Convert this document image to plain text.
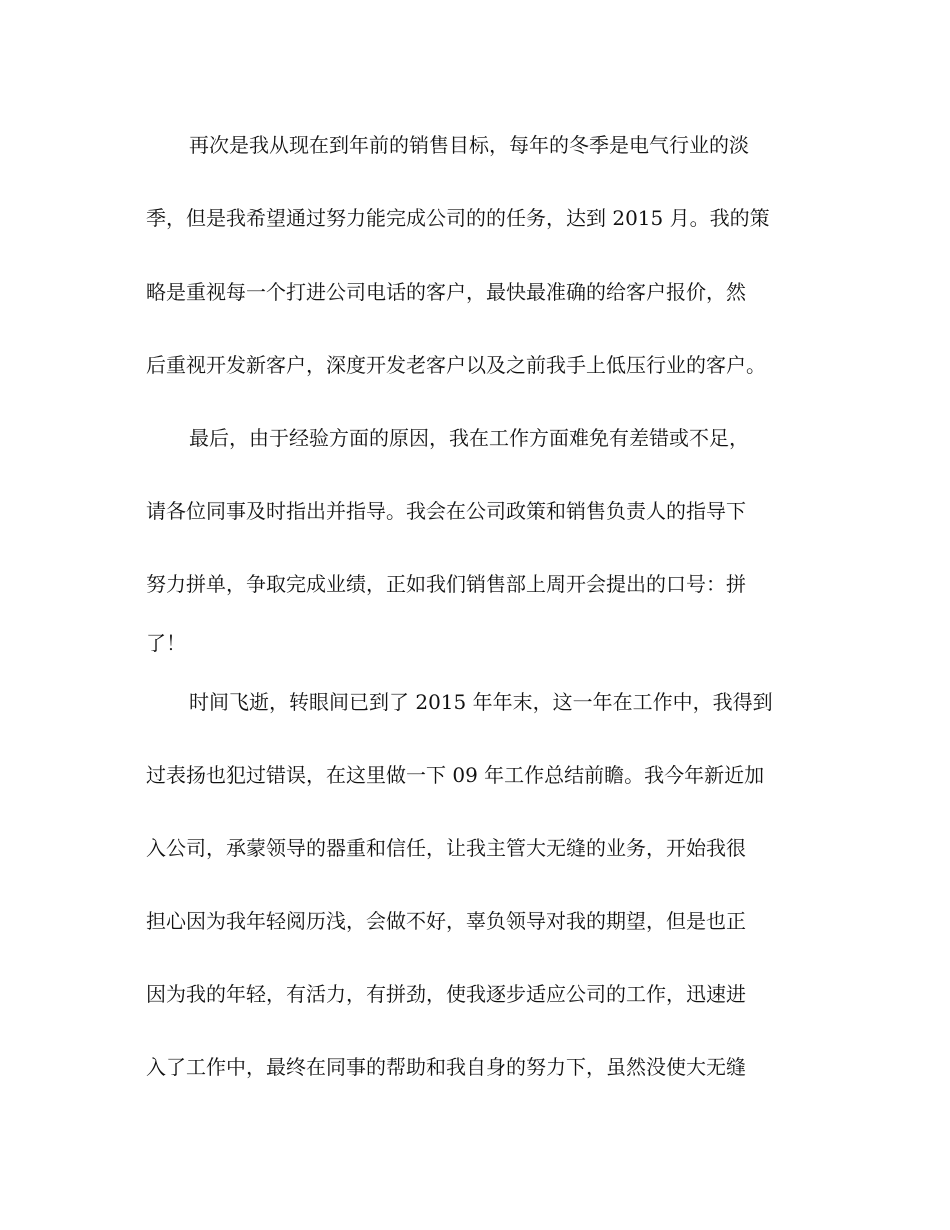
再次是我从现在到年前的销售目标，每年的冬季是电气行业的淡
季，但是我希望通过努力能完成公司的的任务，达到 2015 月。我的策
略是重视每一个打进公司电话的客户，最快最准确的给客户报价，然
后重视开发新客户，深度开发老客户以及之前我手上低压行业的客户。
最后，由于经验方面的原因，我在工作方面难免有差错或不足，
请各位同事及时指出并指导。我会在公司政策和销售负责人的指导下
努力拼单，争取完成业绩，正如我们销售部上周开会提出的口号：拼
了！
时间飞逝，转眼间已到了 2015 年年末，这一年在工作中，我得到
过表扬也犯过错误，在这里做一下 09 年工作总结前瞻。我今年新近加
入公司，承蒙领导的器重和信任，让我主管大无缝的业务，开始我很
担心因为我年轻阅历浅，会做不好，辜负领导对我的期望，但是也正
因为我的年轻，有活力，有拼劲，使我逐步适应公司的工作，迅速进
入了工作中，最终在同事的帮助和我自身的努力下，虽然没使大无缝
